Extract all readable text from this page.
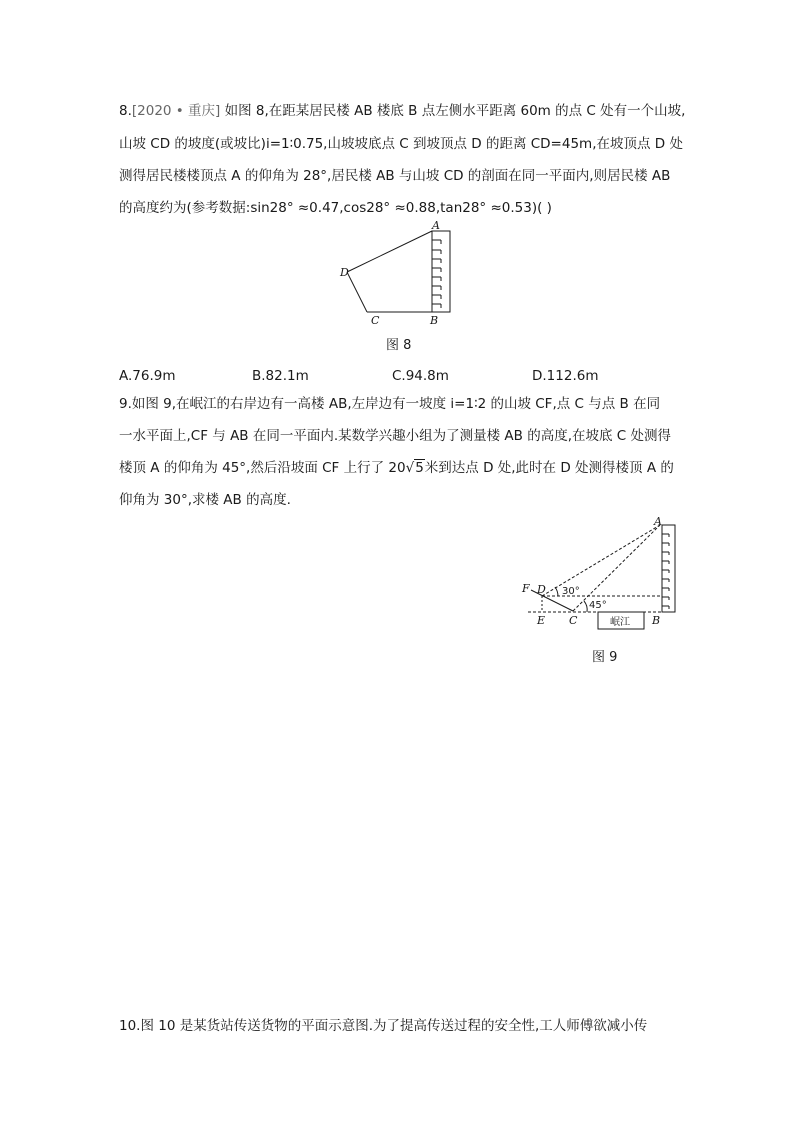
8.[2020 • 重庆] 如图 8,在距某居民楼 AB 楼底 B 点左侧水平距离 60m 的点 C 处有一个山坡,
山坡 CD 的坡度(或坡比)i=1∶0.75,山坡坡底点 C 到坡顶点 D 的距离 CD=45m,在坡顶点 D 处
测得居民楼楼顶点 A 的仰角为 28°,居民楼 AB 与山坡 CD 的剖面在同一平面内,则居民楼 AB
的高度约为(参考数据:sin28° ≈0.47,cos28° ≈0.88,tan28° ≈0.53)( )
A
D
C	B
图 8
A.76.9m	B.82.1m	C.94.8m	D.112.6m
9.如图 9,在岷江的右岸边有一高楼 AB,左岸边有一坡度 i=1∶2 的山坡 CF,点 C 与点 B 在同
一水平面上,CF 与 AB 在同一平面内.某数学兴趣小组为了测量楼 AB 的高度,在坡底 C 处测得
楼顶 A 的仰角为 45°,然后沿坡面 CF 上行了 20√5米到达点 D 处,此时在 D 处测得楼顶 A 的
仰角为 30°,求楼 AB 的高度.
A
F D 30°
45°
E C	岷江 B
图 9
10.图 10 是某货站传送货物的平面示意图.为了提高传送过程的安全性,工人师傅欲减小传
